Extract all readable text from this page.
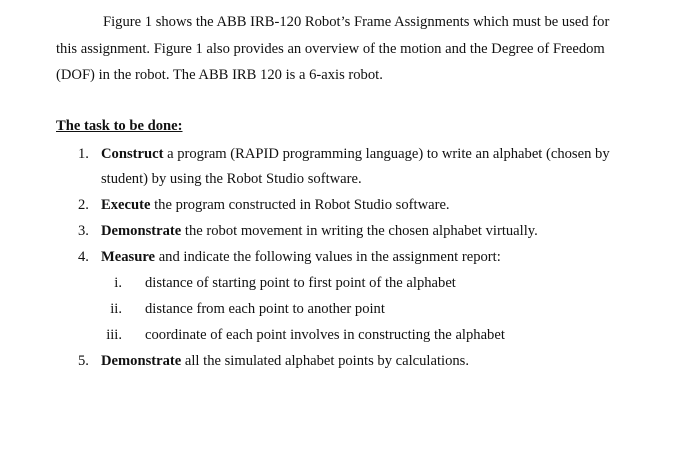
Figure 1 shows the ABB IRB-120 Robot’s Frame Assignments which must be used for
this assignment. Figure 1 also provides an overview of the motion and the Degree of Freedom
(DOF) in the robot. The ABB IRB 120 is a 6-axis robot.

The task to be done:

1. Construct a program (RAPID programming language) to write an alphabet (chosen by
student) by using the Robot Studio software.
2. Execute the program constructed in Robot Studio software.
3. Demonstrate the robot movement in writing the chosen alphabet virtually.
4. Measure and indicate the following values in the assignment report:
i. distance of starting point to first point of the alphabet
ii. distance from each point to another point
iii. coordinate of each point involves in constructing the alphabet
5. Demonstrate all the simulated alphabet points by calculations.
